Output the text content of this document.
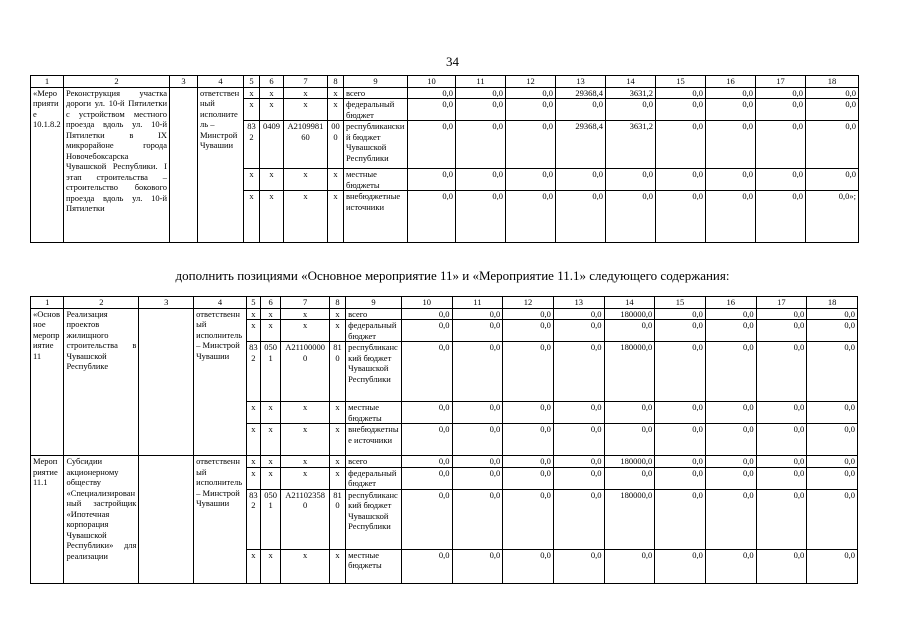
34
1	2	3	4	5	6	7	8	9	10	11	12	13	14	15	16	17	18
«Мероприятие 10.1.8.2	Реконструкция участка дороги ул. 10-й Пятилетки с устройством местного проезда вдоль ул. 10-й Пятилетки в IX микрорайоне города Новочебоксарска Чувашской Республики. I этап строительства – строительство бокового проезда вдоль ул. 10-й Пятилетки		ответственный исполнитель – Минстрой Чувашии	x	x	x	x	всего	0,0	0,0	0,0	29368,4	3631,2	0,0	0,0	0,0	0,0
				x	x	x	x	федеральный бюджет	0,0	0,0	0,0	0,0	0,0	0,0	0,0	0,0	0,0
				832	0409	A2109981 60	000	республиканский бюджет Чувашской Республики	0,0	0,0	0,0	29368,4	3631,2	0,0	0,0	0,0	0,0
				x	x	x	x	местные бюджеты	0,0	0,0	0,0	0,0	0,0	0,0	0,0	0,0	0,0
				x	x	x	x	внебюджетные источники	0,0	0,0	0,0	0,0	0,0	0,0	0,0	0,0	0,0»;
дополнить позициями «Основное мероприятие 11» и «Мероприятие 11.1» следующего содержания:
1	2	3	4	5	6	7	8	9	10	11	12	13	14	15	16	17	18
«Основное мероприятие 11	Реализация проектов жилищного строительства в Чувашской Республике		ответственный исполнитель – Минстрой Чувашии	x	x	x	x	всего	0,0	0,0	0,0	0,0	180000,0	0,0	0,0	0,0	0,0
				x	x	x	x	федеральный бюджет	0,0	0,0	0,0	0,0	0,0	0,0	0,0	0,0	0,0
				832	0501	A211000000	810	республиканский бюджет Чувашской Республики	0,0	0,0	0,0	0,0	180000,0	0,0	0,0	0,0	0,0
				x	x	x	x	местные бюджеты	0,0	0,0	0,0	0,0	0,0	0,0	0,0	0,0	0,0
				x	x	x	x	внебюджетные источники	0,0	0,0	0,0	0,0	0,0	0,0	0,0	0,0	0,0
Мероприятие 11.1	Субсидии акционерному обществу «Специализированный застройщик «Ипотечная корпорация Чувашской Республики» для реализации		ответственный исполнитель – Минстрой Чувашии	x	x	x	x	всего	0,0	0,0	0,0	0,0	180000,0	0,0	0,0	0,0	0,0
				x	x	x	x	федеральный бюджет	0,0	0,0	0,0	0,0	0,0	0,0	0,0	0,0	0,0
				832	0501	A211023580	810	республиканский бюджет Чувашской Республики	0,0	0,0	0,0	0,0	180000,0	0,0	0,0	0,0	0,0
				x	x	x	x	местные бюджеты	0,0	0,0	0,0	0,0	0,0	0,0	0,0	0,0	0,0
